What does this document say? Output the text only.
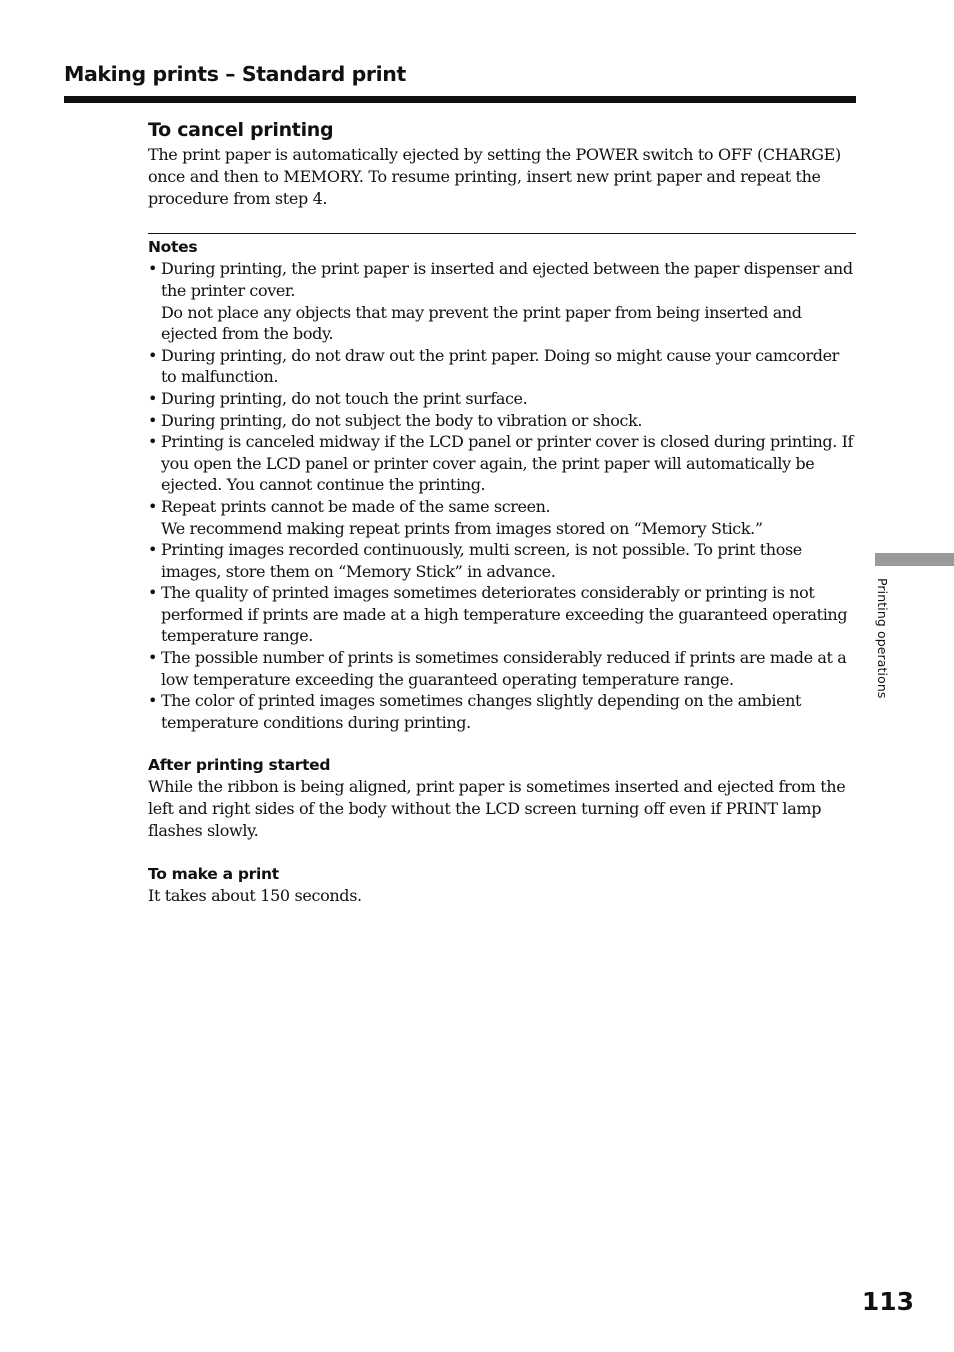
Making prints – Standard print
To cancel printing

The print paper is automatically ejected by setting the POWER switch to OFF (CHARGE) once and then to MEMORY. To resume printing, insert new print paper and repeat the procedure from step 4.

Notes
• During printing, the print paper is inserted and ejected between the paper dispenser and the printer cover.
Do not place any objects that may prevent the print paper from being inserted and ejected from the body.
• During printing, do not draw out the print paper. Doing so might cause your camcorder to malfunction.
• During printing, do not touch the print surface.
• During printing, do not subject the body to vibration or shock.
• Printing is canceled midway if the LCD panel or printer cover is closed during printing. If you open the LCD panel or printer cover again, the print paper will automatically be ejected. You cannot continue the printing.
• Repeat prints cannot be made of the same screen.
We recommend making repeat prints from images stored on “Memory Stick.”
• Printing images recorded continuously, multi screen, is not possible. To print those images, store them on “Memory Stick” in advance.
• The quality of printed images sometimes deteriorates considerably or printing is not performed if prints are made at a high temperature exceeding the guaranteed operating temperature range.
• The possible number of prints is sometimes considerably reduced if prints are made at a low temperature exceeding the guaranteed operating temperature range.
• The color of printed images sometimes changes slightly depending on the ambient temperature conditions during printing.
After printing started

While the ribbon is being aligned, print paper is sometimes inserted and ejected from the left and right sides of the body without the LCD screen turning off even if PRINT lamp flashes slowly.

To make a print

It takes about 150 seconds.

Printing operations
113
